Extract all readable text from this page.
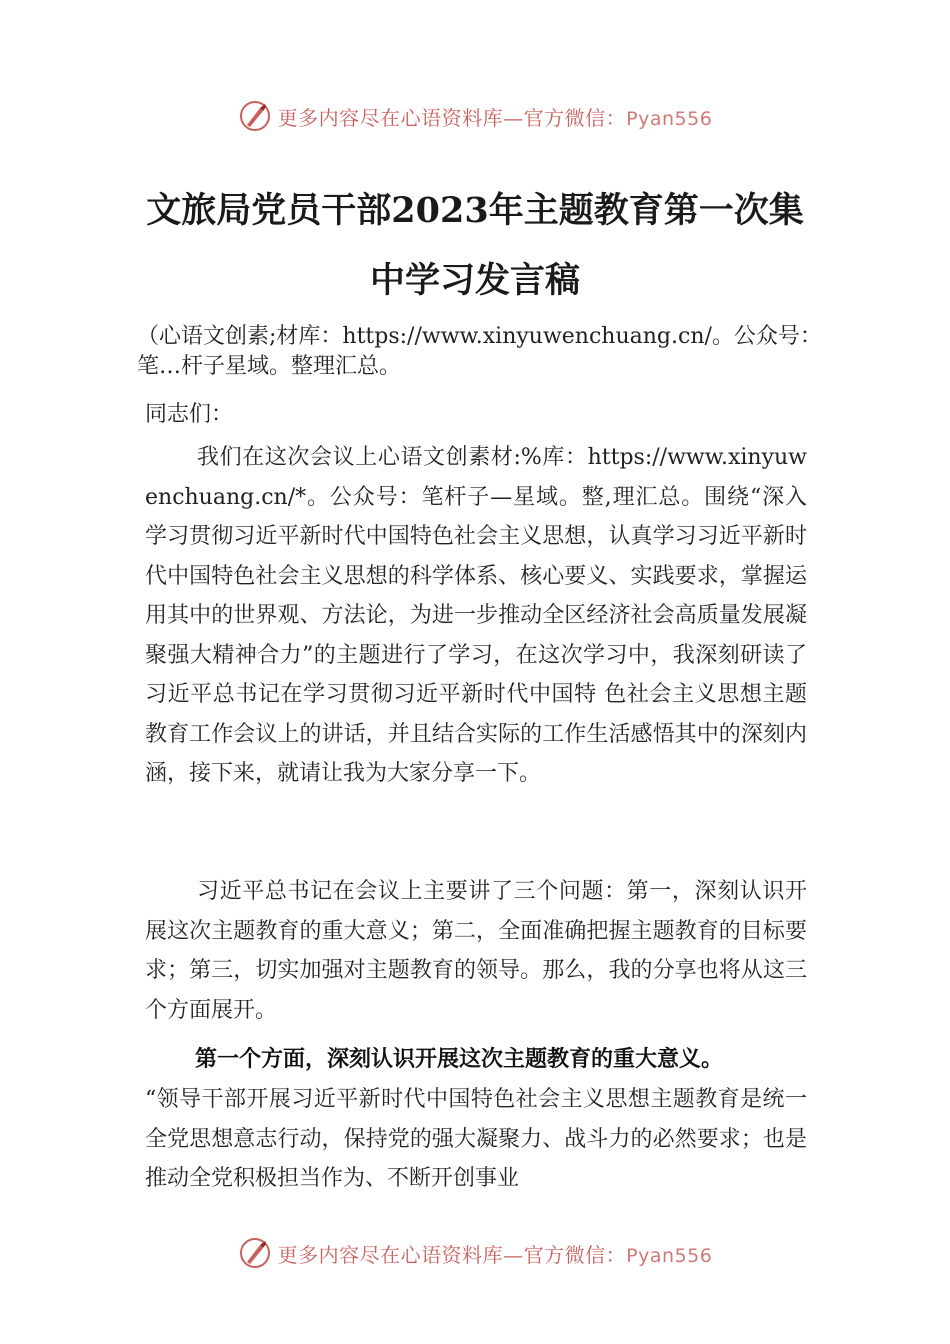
更多内容尽在心语资料库—官方微信：Pyan556
文旅局党员干部2023年主题教育第一次集
中学习发言稿
（心语文创素;材库：https://www.xinyuwenchuang.cn/。公众号：笔…杆子星域。整理汇总。
同志们：
我们在这次会议上心语文创素材:%库：https://www.xinyuwenchuang.cn/*。公众号：笔杆子—星域。整,理汇总。围绕“深入学习贯彻习近平新时代中国特色社会主义思想，认真学习习近平新时代中国特色社会主义思想的科学体系、核心要义、实践要求，掌握运用其中的世界观、方法论，为进一步推动全区经济社会高质量发展凝聚强大精神合力”的主题进行了学习，在这次学习中，我深刻研读了习近平总书记在学习贯彻习近平新时代中国特 色社会主义思想主题教育工作会议上的讲话，并且结合实际的工作生活感悟其中的深刻内涵，接下来，就请让我为大家分享一下。
习近平总书记在会议上主要讲了三个问题：第一，深刻认识开展这次主题教育的重大意义；第二，全面准确把握主题教育的目标要求；第三，切实加强对主题教育的领导。那么，我的分享也将从这三个方面展开。
第一个方面，深刻认识开展这次主题教育的重大意义。
“领导干部开展习近平新时代中国特色社会主义思想主题教育是统一全党思想意志行动，保持党的强大凝聚力、战斗力的必然要求；也是推动全党积极担当作为、不断开创事业
更多内容尽在心语资料库—官方微信：Pyan556
